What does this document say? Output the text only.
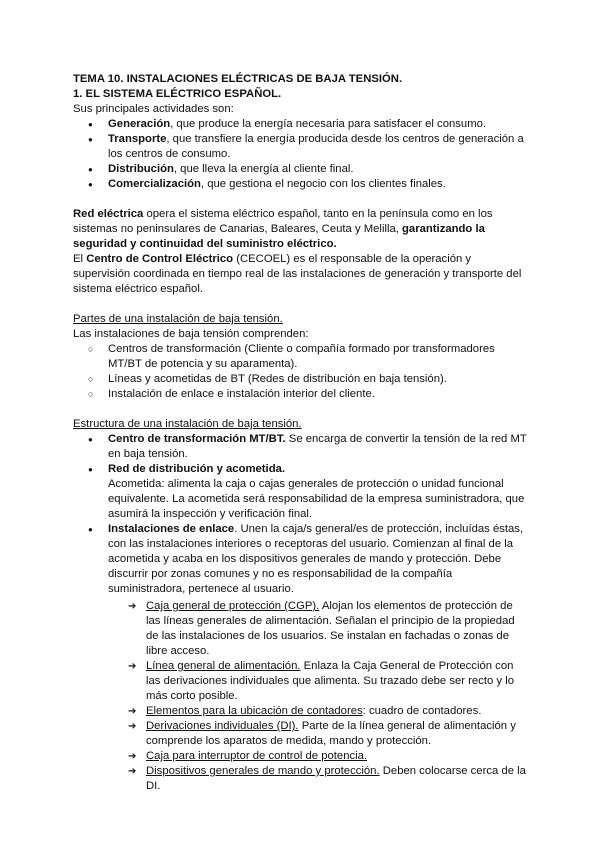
TEMA 10. INSTALACIONES ELÉCTRICAS DE BAJA TENSIÓN.
1. EL SISTEMA ELÉCTRICO ESPAÑOL.
Sus principales actividades son:
● Generación, que produce la energía necesaria para satisfacer el consumo.
● Transporte, que transfiere la energía producida desde los centros de generación a los centros de consumo.
● Distribución, que lleva la energía al cliente final.
● Comercialización, que gestiona el negocio con los clientes finales.
Red eléctrica opera el sistema eléctrico español, tanto en la península como en los sistemas no peninsulares de Canarias, Baleares, Ceuta y Melilla, garantizando la seguridad y continuidad del suministro eléctrico.
El Centro de Control Eléctrico (CECOEL) es el responsable de la operación y supervisión coordinada en tiempo real de las instalaciones de generación y transporte del sistema eléctrico español.
Partes de una instalación de baja tensión.
Las instalaciones de baja tensión comprenden:
○ Centros de transformación (Cliente o compañía formado por transformadores MT/BT de potencia y su aparamenta).
○ Líneas y acometidas de BT (Redes de distribución en baja tensión).
○ Instalación de enlace e instalación interior del cliente.
Estructura de una instalación de baja tensión.
● Centro de transformación MT/BT. Se encarga de convertir la tensión de la red MT en baja tensión.
● Red de distribución y acometida.
Acometida: alimenta la caja o cajas generales de protección o unidad funcional equivalente. La acometida será responsabilidad de la empresa suministradora, que asumirá la inspección y verificación final.
● Instalaciones de enlace. Unen la caja/s general/es de protección, incluídas éstas, con las instalaciones interiores o receptoras del usuario. Comienzan al final de la acometida y acaba en los dispositivos generales de mando y protección. Debe discurrir por zonas comunes y no es responsabilidad de la compañía suministradora, pertenece al usuario.
➔ Caja general de protección (CGP). Alojan los elementos de protección de las líneas generales de alimentación. Señalan el principio de la propiedad de las instalaciones de los usuarios. Se instalan en fachadas o zonas de libre acceso.
➔ Línea general de alimentación. Enlaza la Caja General de Protección con las derivaciones individuales que alimenta. Su trazado debe ser recto y lo más corto posible.
➔ Elementos para la ubicación de contadores: cuadro de contadores.
➔ Derivaciones individuales (DI). Parte de la línea general de alimentación y comprende los aparatos de medida, mando y protección.
➔ Caja para interruptor de control de potencia.
➔ Dispositivos generales de mando y protección. Deben colocarse cerca de la DI.
